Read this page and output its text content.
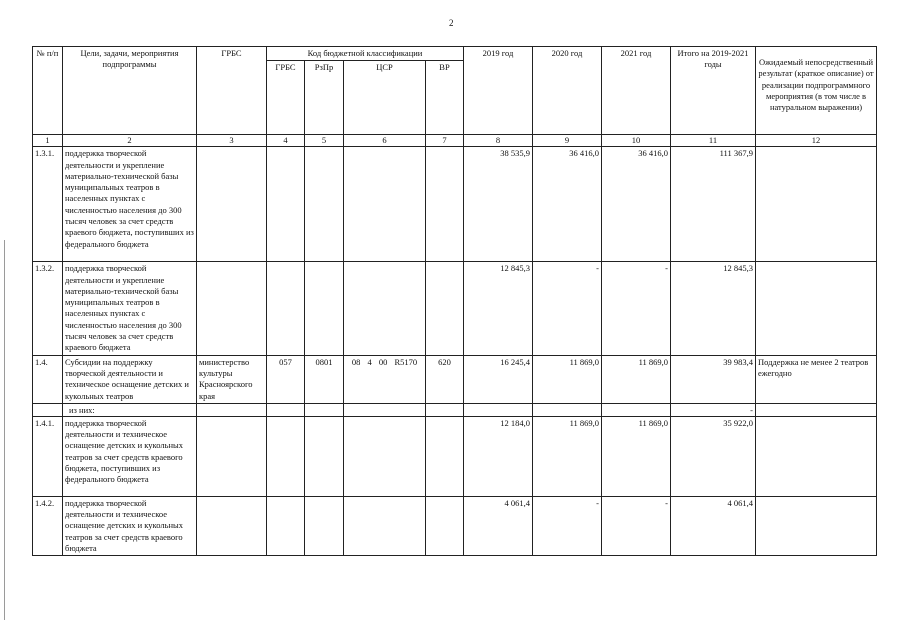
2
№ п/п	Цели, задачи, мероприятия подпрограммы	ГРБС	Код бюджетной классификации				2019 год	2020 год	2021 год	Итого на 2019-2021 годы	Ожидаемый непосредственный результат (краткое описание) от реализации подпрограммного мероприятия (в том числе в натуральном выражении)
			ГРБС	РзПр	ЦСР	ВР					
1	2	3	4	5	6	7	8	9	10	11	12
1.3.1.	поддержка творческой деятельности и укрепление материально-технической базы муниципальных театров в населенных пунктах с численностью населения до 300 тысяч человек за счет средств краевого бюджета, поступивших из федерального бюджета						38 535,9	36 416,0	36 416,0	111 367,9	
1.3.2.	поддержка творческой деятельности и укрепление материально-технической базы муниципальных театров в населенных пунктах с численностью населения до 300 тысяч человек за счет средств краевого бюджета						12 845,3	-	-	12 845,3	
1.4.	Субсидии на поддержку творческой деятельности и техническое оснащение детских и кукольных театров	министерство культуры Красноярского края	057	0801	08 4 00 R5170	620	16 245,4	11 869,0	11 869,0	39 983,4	Поддержка не менее 2 театров ежегодно
	из них:									-	
1.4.1.	поддержка творческой деятельности и техническое оснащение детских и кукольных театров за счет средств краевого бюджета, поступивших из федерального бюджета						12 184,0	11 869,0	11 869,0	35 922,0	
1.4.2.	поддержка творческой деятельности и техническое оснащение детских и кукольных театров за счет средств краевого бюджета						4 061,4	-	-	4 061,4	
